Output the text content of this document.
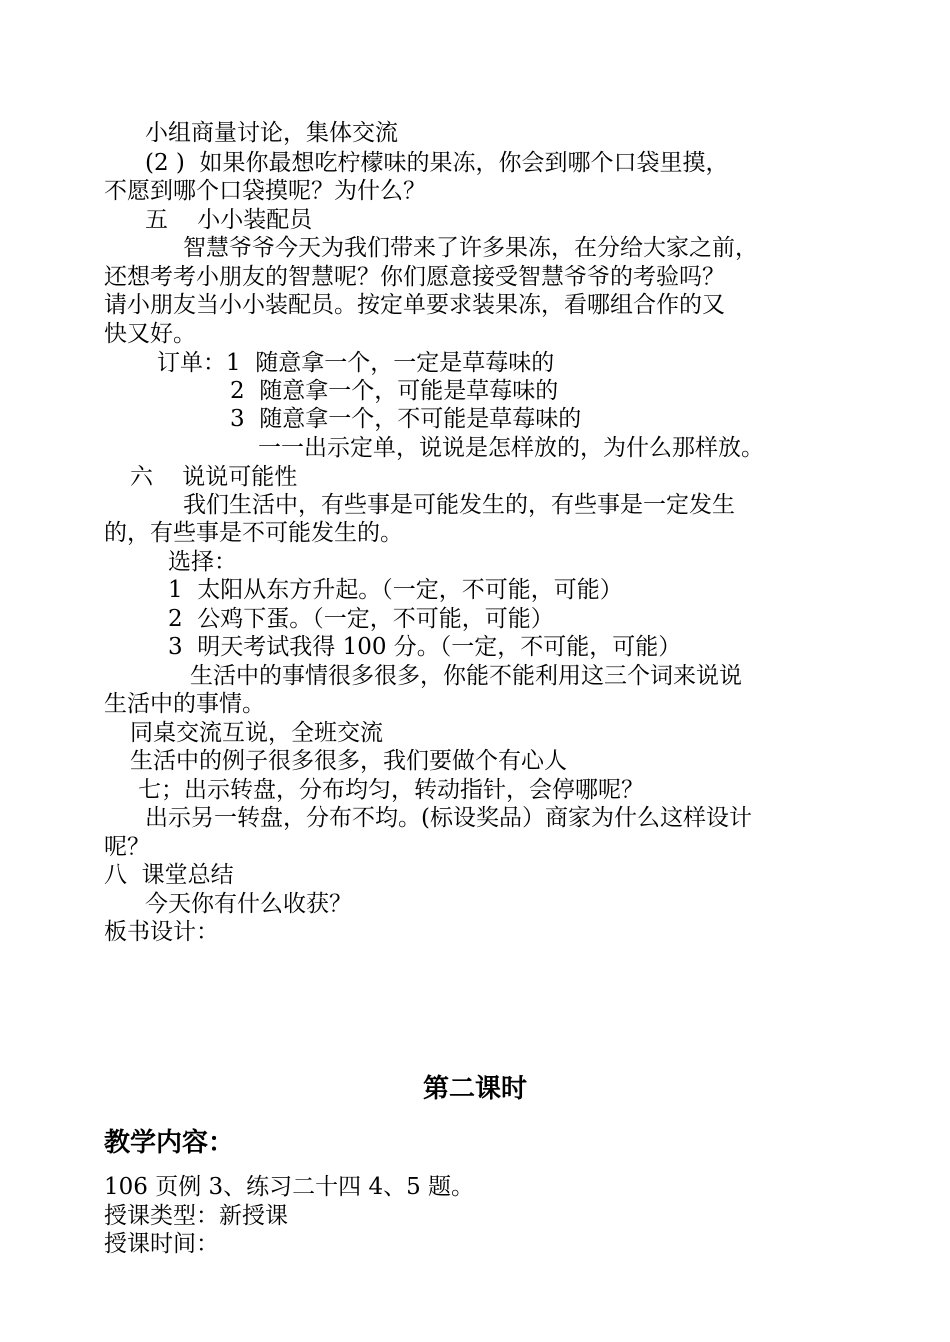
小组商量讨论，集体交流
(2 )  如果你最想吃柠檬味的果冻，你会到哪个口袋里摸，
不愿到哪个口袋摸呢？为什么？
五    小小装配员
智慧爷爷今天为我们带来了许多果冻，在分给大家之前，
还想考考小朋友的智慧呢？你们愿意接受智慧爷爷的考验吗？
请小朋友当小小装配员。按定单要求装果冻，看哪组合作的又
快又好。
订单：1  随意拿一个，一定是草莓味的
2  随意拿一个，可能是草莓味的
3  随意拿一个，不可能是草莓味的
一一出示定单，说说是怎样放的，为什么那样放。
六    说说可能性
我们生活中，有些事是可能发生的，有些事是一定发生
的，有些事是不可能发生的。
选择：
1  太阳从东方升起。（一定，不可能，可能）
2  公鸡下蛋。（一定，不可能，可能）
3  明天考试我得 100 分。（一定，不可能，可能）
生活中的事情很多很多，你能不能利用这三个词来说说
生活中的事情。
同桌交流互说，全班交流
生活中的例子很多很多，我们要做个有心人
七；出示转盘，分布均匀，转动指针，会停哪呢？
出示另一转盘，分布不均。(标设奖品）商家为什么这样设计
呢？
八  课堂总结
今天你有什么收获？
板书设计：
第二课时
教学内容：
106 页例 3、练习二十四 4、5 题。
授课类型：新授课
授课时间：
